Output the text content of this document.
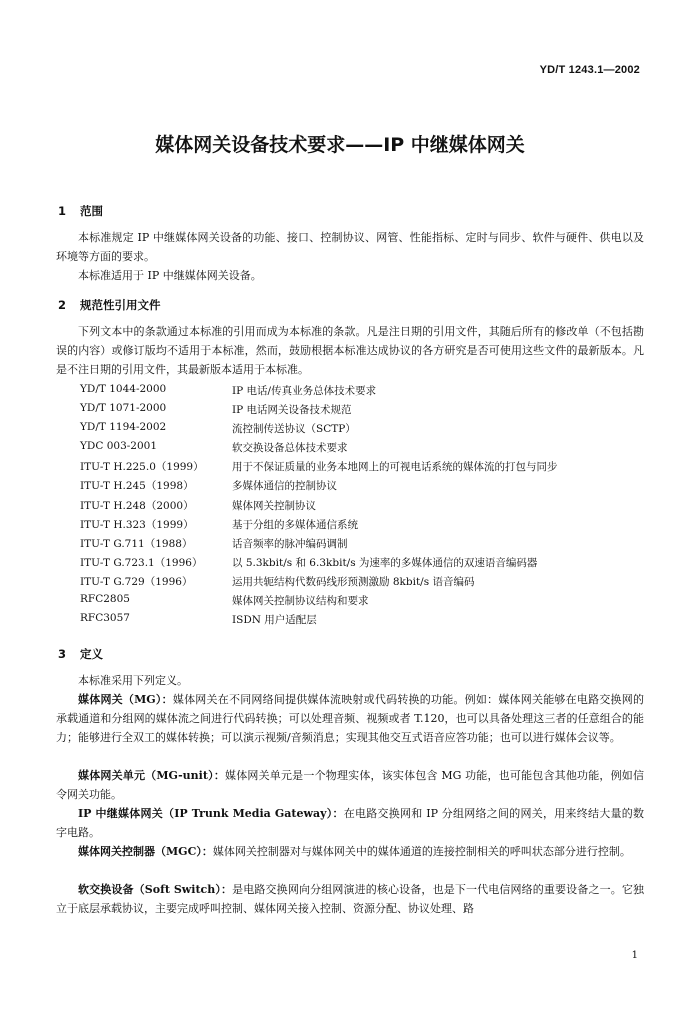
YD/T 1243.1—2002
媒体网关设备技术要求——IP 中继媒体网关
1 范围
本标准规定 IP 中继媒体网关设备的功能、接口、控制协议、网管、性能指标、定时与同步、软件与硬件、供电以及环境等方面的要求。
本标准适用于 IP 中继媒体网关设备。
2 规范性引用文件
下列文本中的条款通过本标准的引用而成为本标准的条款。凡是注日期的引用文件，其随后所有的修改单（不包括勘误的内容）或修订版均不适用于本标准，然而，鼓励根据本标准达成协议的各方研究是否可使用这些文件的最新版本。凡是不注日期的引用文件，其最新版本适用于本标准。
YD/T 1044-2000	IP 电话/传真业务总体技术要求
YD/T 1071-2000	IP 电话网关设备技术规范
YD/T 1194-2002	流控制传送协议（SCTP）
YDC 003-2001	软交换设备总体技术要求
ITU-T H.225.0（1999）	用于不保证质量的业务本地网上的可视电话系统的媒体流的打包与同步
ITU-T H.245（1998）	多媒体通信的控制协议
ITU-T H.248（2000）	媒体网关控制协议
ITU-T H.323（1999）	基于分组的多媒体通信系统
ITU-T G.711（1988）	话音频率的脉冲编码调制
ITU-T G.723.1（1996）	以 5.3kbit/s 和 6.3kbit/s 为速率的多媒体通信的双速语音编码器
ITU-T G.729（1996）	运用共轭结构代数码线形预测激励 8kbit/s 语音编码
RFC2805	媒体网关控制协议结构和要求
RFC3057	ISDN 用户适配层
3 定义
本标准采用下列定义。
媒体网关（MG）：媒体网关在不同网络间提供媒体流映射或代码转换的功能。例如：媒体网关能够在电路交换网的承载通道和分组网的媒体流之间进行代码转换；可以处理音频、视频或者 T.120，也可以具备处理这三者的任意组合的能力；能够进行全双工的媒体转换；可以演示视频/音频消息；实现其他交互式语音应答功能；也可以进行媒体会议等。
媒体网关单元（MG-unit）：媒体网关单元是一个物理实体，该实体包含 MG 功能，也可能包含其他功能，例如信令网关功能。
IP 中继媒体网关（IP Trunk Media Gateway）：在电路交换网和 IP 分组网络之间的网关，用来终结大量的数字电路。
媒体网关控制器（MGC）：媒体网关控制器对与媒体网关中的媒体通道的连接控制相关的呼叫状态部分进行控制。
软交换设备（Soft Switch）：是电路交换网向分组网演进的核心设备，也是下一代电信网络的重要设备之一。它独立于底层承载协议，主要完成呼叫控制、媒体网关接入控制、资源分配、协议处理、路
1
